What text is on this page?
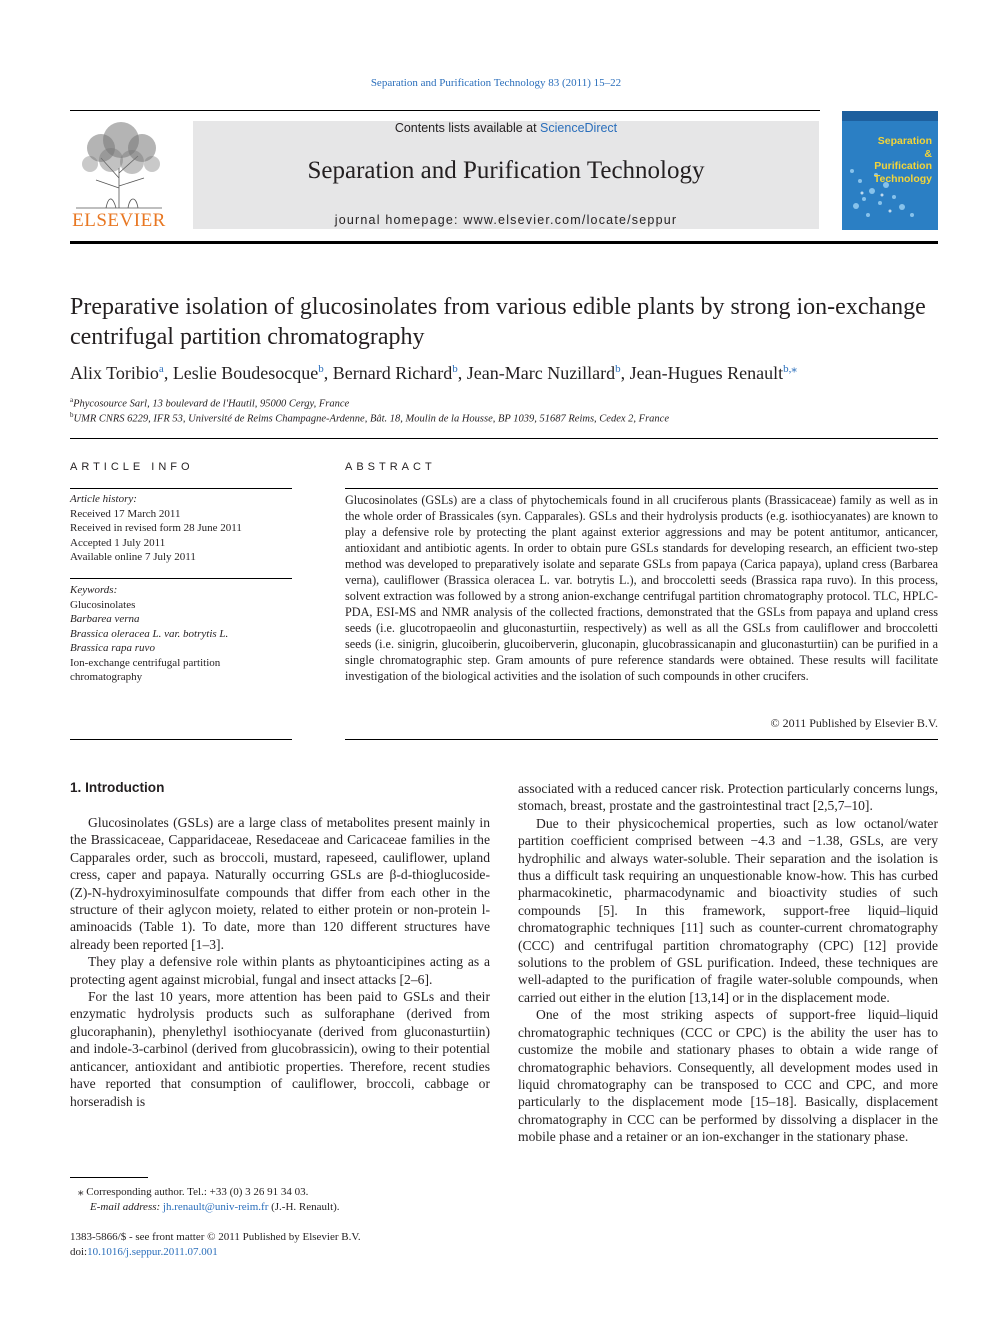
Separation and Purification Technology 83 (2011) 15–22
ELSEVIER
Contents lists available at ScienceDirect
Separation and Purification Technology
journal homepage: www.elsevier.com/locate/seppur
Separation & Purification Technology
Preparative isolation of glucosinolates from various edible plants by strong ion-exchange centrifugal partition chromatography
Alix Toribio$^a$, Leslie Boudesocque$^b$, Bernard Richard$^b$, Jean-Marc Nuzillard$^b$, Jean-Hugues Renault$^{b,⁎}$
$^a$Phycosource Sarl, 13 boulevard de l'Hautil, 95000 Cergy, France
$^b$UMR CNRS 6229, IFR 53, Université de Reims Champagne-Ardenne, Bât. 18, Moulin de la Housse, BP 1039, 51687 Reims, Cedex 2, France
ARTICLE INFO
Article history:
Received 17 March 2011
Received in revised form 28 June 2011
Accepted 1 July 2011
Available online 7 July 2011
Keywords:
Glucosinolates
Barbarea verna
Brassica oleracea L. var. botrytis L.
Brassica rapa ruvo
Ion-exchange centrifugal partition
chromatography
ABSTRACT
Glucosinolates (GSLs) are a class of phytochemicals found in all cruciferous plants (Brassicaceae) family as well as in the whole order of Brassicales (syn. Capparales). GSLs and their hydrolysis products (e.g. isothiocyanates) are known to play a defensive role by protecting the plant against exterior aggressions and may be potent antitumor, anticancer, antioxidant and antibiotic agents. In order to obtain pure GSLs standards for developing research, an efficient two-step method was developed to preparatively isolate and separate GSLs from papaya (Carica papaya), upland cress (Barbarea verna), cauliflower (Brassica oleracea L. var. botrytis L.), and broccoletti seeds (Brassica rapa ruvo). In this process, solvent extraction was followed by a strong anion-exchange centrifugal partition chromatography protocol. TLC, HPLC-PDA, ESI-MS and NMR analysis of the collected fractions, demonstrated that the GSLs from papaya and upland cress seeds (i.e. glucotropaeolin and gluconasturtiin, respectively) as well as all the GSLs from cauliflower and broccoletti seeds (i.e. sinigrin, glucoiberin, glucoiberverin, gluconapin, glucobrassicanapin and gluconasturtiin) can be purified in a single chromatographic step. Gram amounts of pure reference standards were obtained. These results will facilitate investigation of the biological activities and the isolation of such compounds in other crucifers.
© 2011 Published by Elsevier B.V.
1. Introduction

Glucosinolates (GSLs) are a large class of metabolites present mainly in the Brassicaceae, Capparidaceae, Resedaceae and Caricaceae families in the Capparales order, such as broccoli, mustard, rapeseed, cauliflower, upland cress, caper and papaya. Naturally occurring GSLs are β-d-thioglucoside-(Z)-N-hydroxyiminosulfate compounds that differ from each other in the structure of their aglycon moiety, related to either protein or non-protein l-aminoacids (Table 1). To date, more than 120 different structures have already been reported [1–3].

They play a defensive role within plants as phytoanticipines acting as a protecting agent against microbial, fungal and insect attacks [2–6].

For the last 10 years, more attention has been paid to GSLs and their enzymatic hydrolysis products such as sulforaphane (derived from glucoraphanin), phenylethyl isothiocyanate (derived from gluconasturtiin) and indole-3-carbinol (derived from glucobrassicin), owing to their potential anticancer, antioxidant and antibiotic properties. Therefore, recent studies have reported that consumption of cauliflower, broccoli, cabbage or horseradish is

associated with a reduced cancer risk. Protection particularly concerns lungs, stomach, breast, prostate and the gastrointestinal tract [2,5,7–10].

Due to their physicochemical properties, such as low octanol/water partition coefficient comprised between −4.3 and −1.38, GSLs, are very hydrophilic and always water-soluble. Their separation and the isolation is thus a difficult task requiring an unquestionable know-how. This has curbed pharmacokinetic, pharmacodynamic and bioactivity studies of such compounds [5]. In this framework, support-free liquid–liquid chromatographic techniques [11] such as counter-current chromatography (CCC) and centrifugal partition chromatography (CPC) [12] provide solutions to the problem of GSL purification. Indeed, these techniques are well-adapted to the purification of fragile water-soluble compounds, when carried out either in the elution [13,14] or in the displacement mode.

One of the most striking aspects of support-free liquid–liquid chromatographic techniques (CCC or CPC) is the ability the user has to customize the mobile and stationary phases to obtain a wide range of chromatographic behaviors. Consequently, all development modes used in liquid chromatography can be transposed to CCC and CPC, and more particularly to the displacement mode [15–18]. Basically, displacement chromatography in CCC can be performed by dissolving a displacer in the mobile phase and a retainer or an ion-exchanger in the stationary phase.

⁎ Corresponding author. Tel.: +33 (0) 3 26 91 34 03.
E-mail address: jh.renault@univ-reim.fr (J.-H. Renault).
1383-5866/$ - see front matter © 2011 Published by Elsevier B.V.
doi:10.1016/j.seppur.2011.07.001
